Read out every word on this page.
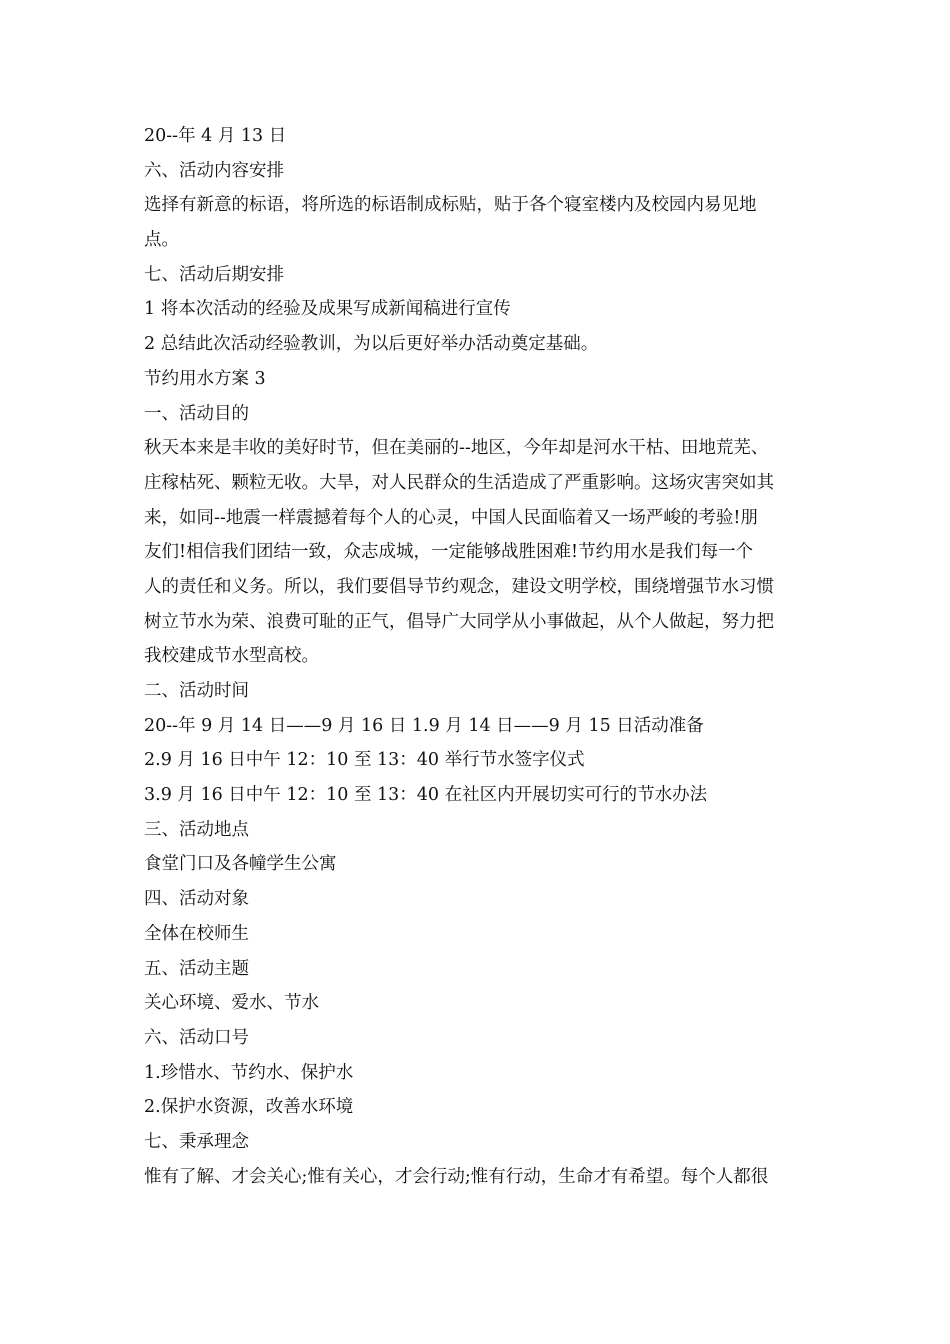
20--年 4 月 13 日
六、活动内容安排
选择有新意的标语，将所选的标语制成标贴，贴于各个寝室楼内及校园内易见地
点。
七、活动后期安排
1 将本次活动的经验及成果写成新闻稿进行宣传
2 总结此次活动经验教训，为以后更好举办活动奠定基础。
节约用水方案 3
一、活动目的
秋天本来是丰收的美好时节，但在美丽的--地区，今年却是河水干枯、田地荒芜、
庄稼枯死、颗粒无收。大旱，对人民群众的生活造成了严重影响。这场灾害突如其
来，如同--地震一样震撼着每个人的心灵，中国人民面临着又一场严峻的考验!朋
友们!相信我们团结一致，众志成城，一定能够战胜困难!节约用水是我们每一个
人的责任和义务。所以，我们要倡导节约观念，建设文明学校，围绕增强节水习惯
树立节水为荣、浪费可耻的正气，倡导广大同学从小事做起，从个人做起，努力把
我校建成节水型高校。
二、活动时间
20--年 9 月 14 日——9 月 16 日 1.9 月 14 日——9 月 15 日活动准备
2.9 月 16 日中午 12：10 至 13：40 举行节水签字仪式
3.9 月 16 日中午 12：10 至 13：40 在社区内开展切实可行的节水办法
三、活动地点
食堂门口及各幢学生公寓
四、活动对象
全体在校师生
五、活动主题
关心环境、爱水、节水
六、活动口号
1.珍惜水、节约水、保护水
2.保护水资源，改善水环境
七、秉承理念
惟有了解、才会关心;惟有关心，才会行动;惟有行动，生命才有希望。每个人都很
